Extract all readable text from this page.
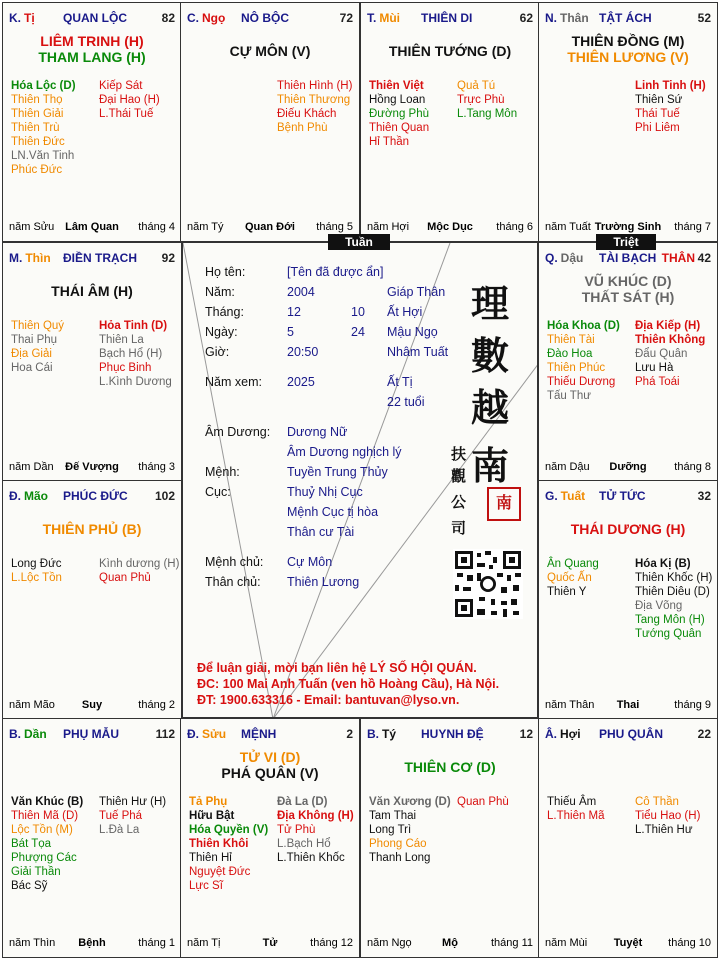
K. Tị QUAN LỘC	82
LIÊM TRINH (H)
THAM LANG (H)
Hóa Lộc (D)
Thiên Thọ
Thiên Giải
Thiên Trù
Thiên Đức
LN.Văn Tinh
Phúc Đức
Kiếp Sát
Đại Hao (H)
L.Thái Tuế
năm Sửu Lâm Quan	tháng 4
C. Ngọ NÔ BỘC	72
CỰ MÔN (V)
Thiên Hình (H)
Thiên Thương
Điếu Khách
Bệnh Phù
năm Tý	Quan Đới	tháng 5
T. Mùi THIÊN DI	62
THIÊN TƯỚNG (D)
Thiên Việt
Hồng Loan
Đường Phù
Thiên Quan
Hỉ Thần
Quả Tú
Trực Phù
L.Tang Môn
năm Hợi	Mộc Dục	tháng 6
N. Thân TẬT ÁCH	52
THIÊN ĐỒNG (M)
THIÊN LƯƠNG (V)
Linh Tinh (H)
Thiên Sứ
Thái Tuế
Phi Liêm
năm Tuất Trường Sinh	tháng 7
M. Thìn ĐIỀN TRẠCH 92
THÁI ÂM (H)
Thiên Quý
Thai Phụ
Địa Giải
Hoa Cái
Hỏa Tinh (D)
Thiên La
Bạch Hổ (H)
Phục Binh
L.Kình Dương
năm Dần	Đế Vượng	tháng 3
Q. Dậu TÀI BẠCH THÂN 42
VŨ KHÚC (D)
THẤT SÁT (H)
Hóa Khoa (D)
Thiên Tài
Đào Hoa
Thiên Phúc
Thiếu Dương
Tấu Thư
Địa Kiếp (H)
Thiên Không
Đẩu Quân
Lưu Hà
Phá Toái
năm Dậu	Dưỡng	tháng 8
Đ. Mão PHÚC ĐỨC 102
THIÊN PHỦ (B)
Long Đức
L.Lộc Tồn
Kình dương (H)
Quan Phủ
năm Mão	Suy	tháng 2
G. Tuất TỬ TỨC	32
THÁI DƯƠNG (H)
Ân Quang
Quốc Ấn
Thiên Y
Hóa Kị (B)
Thiên Khốc (H)
Thiên Diêu (D)
Địa Võng
Tang Môn (H)
Tướng Quân
năm Thân	Thai	tháng 9
B. Dần PHỤ MẪU	112
Văn Khúc (B)
Thiên Mã (D)
Lộc Tồn (M)
Bát Tọa
Phượng Các
Giải Thần
Bác Sỹ
Thiên Hư (H)
Tuế Phá
L.Đà La
năm Thìn	Bệnh	tháng 1
Đ. Sửu MỆNH	2
TỬ VI (D)
PHÁ QUÂN (V)
Tả Phụ
Hữu Bật
Hóa Quyền (V)
Thiên Khôi
Thiên Hỉ
Nguyệt Đức
Lực Sĩ
Đà La (D)
Địa Không (H)
Tử Phù
L.Bạch Hổ
L.Thiên Khốc
năm Tị	Tử	tháng 12
B. Tý HUYNH ĐỆ	12
THIÊN CƠ (D)
Văn Xương (D)
Tam Thai
Long Trì
Phong Cáo
Thanh Long
Quan Phù
năm Ngọ	Mộ	tháng 11
Â. Hợi PHU QUÂN	22
Thiếu Âm
L.Thiên Mã
Cô Thần
Tiểu Hao (H)
L.Thiên Hư
năm Mùi	Tuyệt	tháng 10
Họ tên:	[Tên đã được ẩn]
Năm:	2004	Giáp Thân
Tháng:	12	10 Ất Hợi
Ngày:	5	24 Mậu Ngọ
Giờ:	20:50	Nhâm Tuất
Năm xem: 2025	Ất Tị
22 tuổi
Âm Dương: Dương Nữ
Âm Dương nghịch lý
Mệnh:	Tuyền Trung Thủy
Cục:	Thuỷ Nhị Cục
Mệnh Cục tị hòa
Thân cư Tài
Mệnh chủ: Cự Môn
Thân chủ: Thiên Lương
理
數
越
南
扶
觀
公
司
南
Để luận giải, mời bạn liên hệ LÝ SỐ HỘI QUÁN.
ĐC: 100 Mai Anh Tuấn (ven hồ Hoàng Cầu), Hà Nội.
ĐT: 1900.633316 - Email: bantuvan@lyso.vn.
Tuần	Triệt
